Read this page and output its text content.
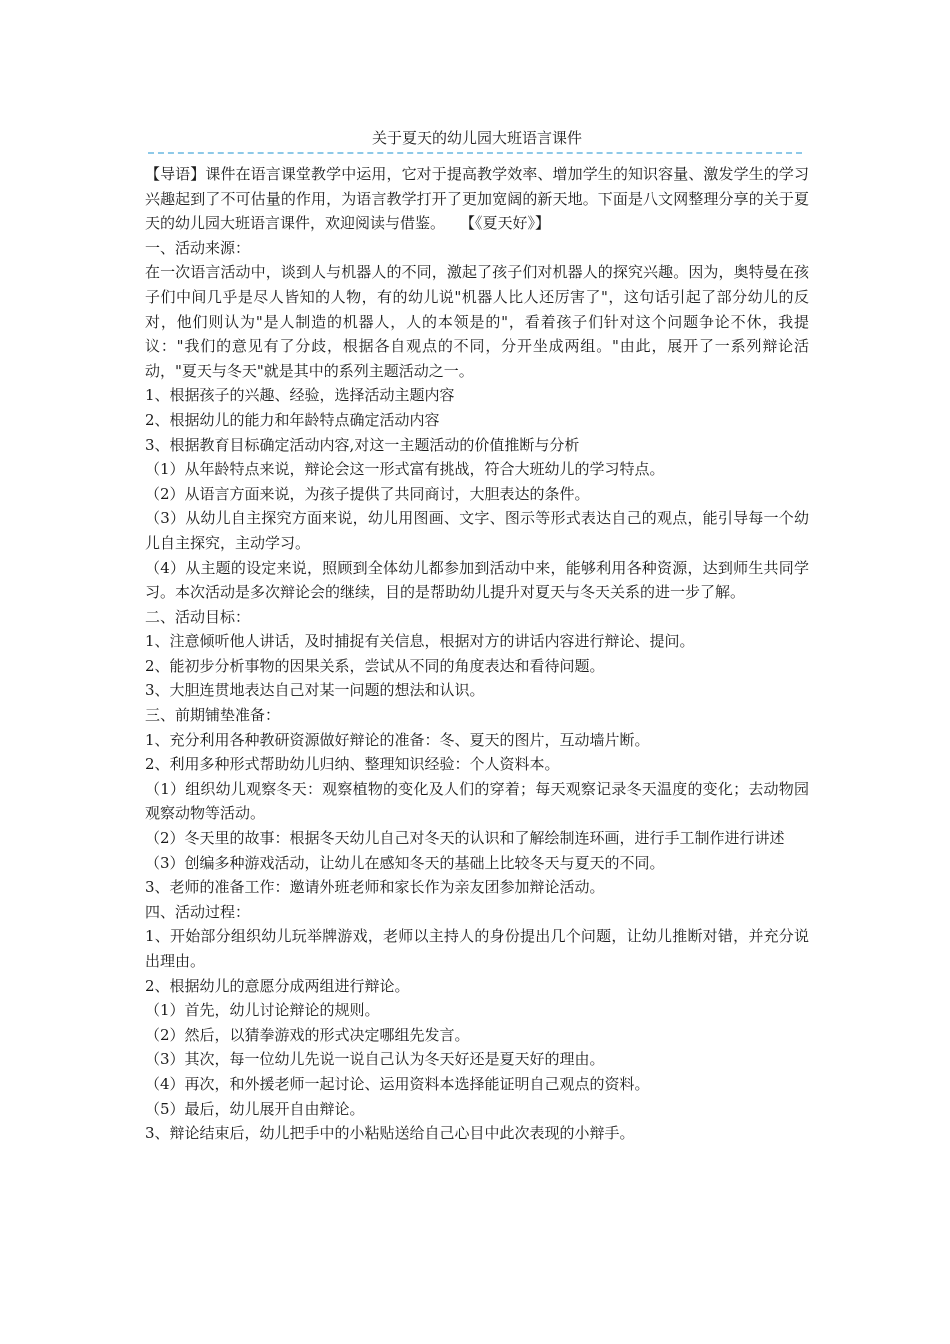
关于夏天的幼儿园大班语言课件

【导语】课件在语言课堂教学中运用，它对于提高教学效率、增加学生的知识容量、激发学生的学习兴趣起到了不可估量的作用，为语言教学打开了更加宽阔的新天地。下面是八文网整理分享的关于夏天的幼儿园大班语言课件，欢迎阅读与借鉴。　　【《夏天好》】

一、活动来源：

在一次语言活动中，谈到人与机器人的不同，激起了孩子们对机器人的探究兴趣。因为，奥特曼在孩子们中间几乎是尽人皆知的人物，有的幼儿说"机器人比人还厉害了"，这句话引起了部分幼儿的反对，他们则认为"是人制造的机器人，人的本领是的"，看着孩子们针对这个问题争论不休，我提议："我们的意见有了分歧，根据各自观点的不同，分开坐成两组。"由此，展开了一系列辩论活动，"夏天与冬天"就是其中的系列主题活动之一。

1、根据孩子的兴趣、经验，选择活动主题内容

2、根据幼儿的能力和年龄特点确定活动内容

3、根据教育目标确定活动内容,对这一主题活动的价值推断与分析

（1）从年龄特点来说，辩论会这一形式富有挑战，符合大班幼儿的学习特点。

（2）从语言方面来说，为孩子提供了共同商讨，大胆表达的条件。

（3）从幼儿自主探究方面来说，幼儿用图画、文字、图示等形式表达自己的观点，能引导每一个幼儿自主探究，主动学习。

（4）从主题的设定来说，照顾到全体幼儿都参加到活动中来，能够利用各种资源，达到师生共同学习。本次活动是多次辩论会的继续，目的是帮助幼儿提升对夏天与冬天关系的进一步了解。

二、活动目标：

1、注意倾听他人讲话，及时捕捉有关信息，根据对方的讲话内容进行辩论、提问。

2、能初步分析事物的因果关系，尝试从不同的角度表达和看待问题。

3、大胆连贯地表达自己对某一问题的想法和认识。

三、前期铺垫准备：

1、充分利用各种教研资源做好辩论的准备：冬、夏天的图片，互动墙片断。

2、利用多种形式帮助幼儿归纳、整理知识经验：个人资料本。

（1）组织幼儿观察冬天：观察植物的变化及人们的穿着；每天观察记录冬天温度的变化；去动物园观察动物等活动。

（2）冬天里的故事：根据冬天幼儿自己对冬天的认识和了解绘制连环画，进行手工制作进行讲述

（3）创编多种游戏活动，让幼儿在感知冬天的基础上比较冬天与夏天的不同。

3、老师的准备工作：邀请外班老师和家长作为亲友团参加辩论活动。

四、活动过程：

1、开始部分组织幼儿玩举牌游戏，老师以主持人的身份提出几个问题，让幼儿推断对错，并充分说出理由。

2、根据幼儿的意愿分成两组进行辩论。

（1）首先，幼儿讨论辩论的规则。

（2）然后，以猜拳游戏的形式决定哪组先发言。

（3）其次，每一位幼儿先说一说自己认为冬天好还是夏天好的理由。

（4）再次，和外援老师一起讨论、运用资料本选择能证明自己观点的资料。

（5）最后，幼儿展开自由辩论。

3、辩论结束后，幼儿把手中的小粘贴送给自己心目中此次表现的小辩手。
